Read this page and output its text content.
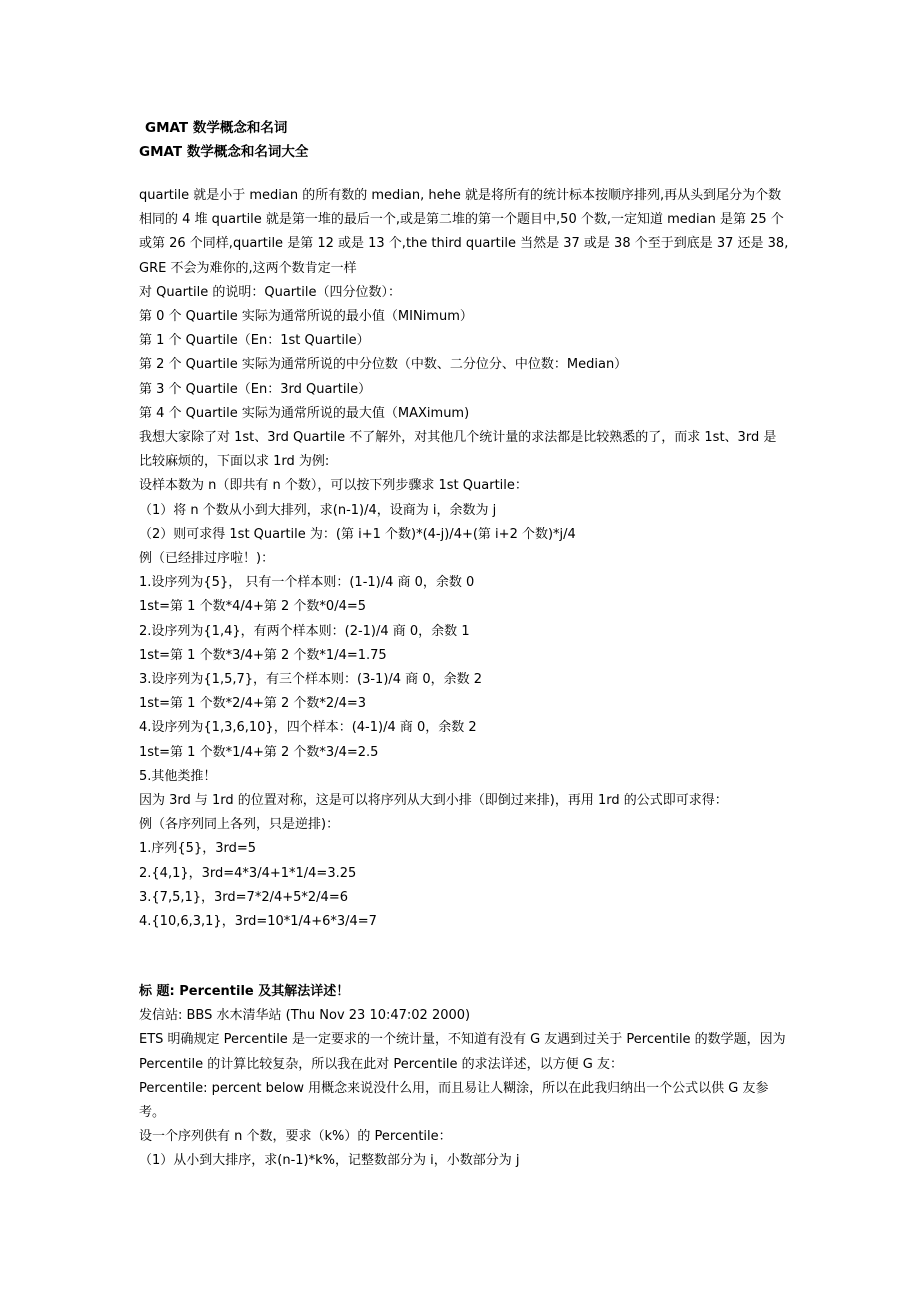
GMAT 数学概念和名词
GMAT 数学概念和名词大全
quartile 就是小于 median 的所有数的 median, hehe 就是将所有的统计标本按顺序排列,再从头到尾分为个数相同的 4 堆 quartile 就是第一堆的最后一个,或是第二堆的第一个题目中,50 个数,一定知道 median 是第 25 个或第 26 个同样,quartile 是第 12 或是 13 个,the third quartile 当然是 37 或是 38 个至于到底是 37 还是 38,GRE 不会为难你的,这两个数肯定一样
对 Quartile 的说明：Quartile（四分位数）：
第 0 个 Quartile 实际为通常所说的最小值（MINimum）
第 1 个 Quartile（En：1st Quartile）
第 2 个 Quartile 实际为通常所说的中分位数（中数、二分位分、中位数：Median）
第 3 个 Quartile（En：3rd Quartile）
第 4 个 Quartile 实际为通常所说的最大值（MAXimum)
我想大家除了对 1st、3rd Quartile 不了解外，对其他几个统计量的求法都是比较熟悉的了，而求 1st、3rd 是比较麻烦的，下面以求 1rd 为例:
设样本数为 n（即共有 n 个数），可以按下列步骤求 1st Quartile：
（1）将 n 个数从小到大排列，求(n-1)/4，设商为 i，余数为 j
（2）则可求得 1st Quartile 为：(第 i+1 个数)*(4-j)/4+(第 i+2 个数)*j/4
例（已经排过序啦！)：
1.设序列为{5}， 只有一个样本则：(1-1)/4 商 0，余数 0
1st=第 1 个数*4/4+第 2 个数*0/4=5
2.设序列为{1,4}，有两个样本则：(2-1)/4 商 0，余数 1
1st=第 1 个数*3/4+第 2 个数*1/4=1.75
3.设序列为{1,5,7}，有三个样本则：(3-1)/4 商 0，余数 2
1st=第 1 个数*2/4+第 2 个数*2/4=3
4.设序列为{1,3,6,10}，四个样本：(4-1)/4 商 0，余数 2
1st=第 1 个数*1/4+第 2 个数*3/4=2.5
5.其他类推！
因为 3rd 与 1rd 的位置对称，这是可以将序列从大到小排（即倒过来排)，再用 1rd 的公式即可求得：
例（各序列同上各列，只是逆排)：
1.序列{5}，3rd=5
2.{4,1}，3rd=4*3/4+1*1/4=3.25
3.{7,5,1}，3rd=7*2/4+5*2/4=6
4.{10,6,3,1}，3rd=10*1/4+6*3/4=7
标 题: Percentile 及其解法详述！
发信站: BBS 水木清华站 (Thu Nov 23 10:47:02 2000)
ETS 明确规定 Percentile 是一定要求的一个统计量，不知道有没有 G 友遇到过关于 Percentile 的数学题，因为 Percentile 的计算比较复杂，所以我在此对 Percentile 的求法详述，以方便 G 友：
Percentile: percent below 用概念来说没什么用，而且易让人糊涂，所以在此我归纳出一个公式以供 G 友参考。
设一个序列供有 n 个数，要求（k%）的 Percentile：
（1）从小到大排序，求(n-1)*k%，记整数部分为 i，小数部分为 j
